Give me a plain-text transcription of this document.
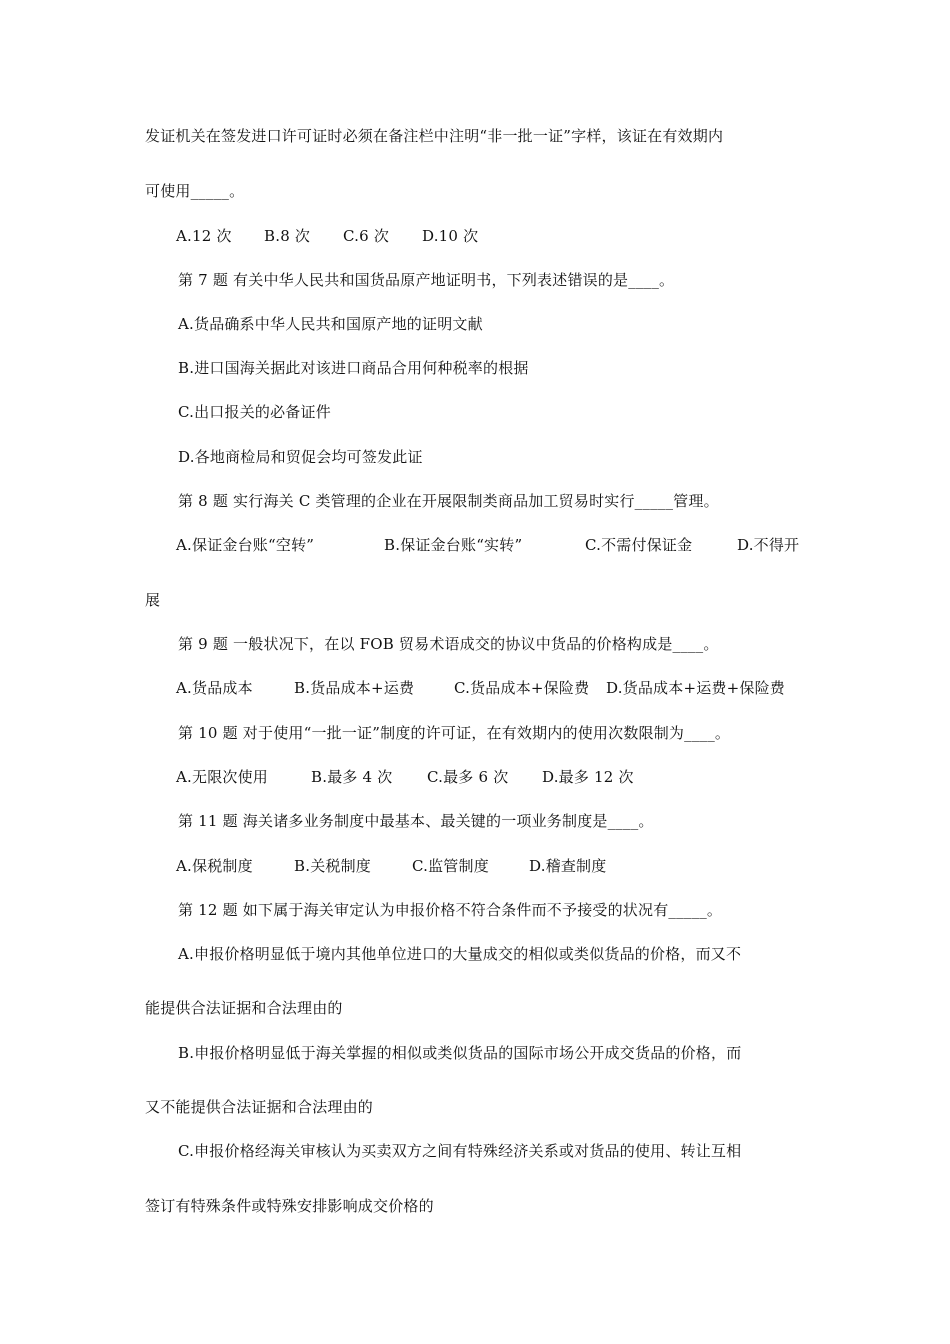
发证机关在签发进口许可证时必须在备注栏中注明“非一批一证”字样，该证在有效期内
可使用_____。
A.12 次 B.8 次 C.6 次 D.10 次
第 7 题 有关中华人民共和国货品原产地证明书，下列表述错误的是____。
A.货品确系中华人民共和国原产地的证明文献
B.进口国海关据此对该进口商品合用何种税率的根据
C.出口报关的必备证件
D.各地商检局和贸促会均可签发此证
第 8 题 实行海关 C 类管理的企业在开展限制类商品加工贸易时实行_____管理。
A.保证金台账“空转”	B.保证金台账“实转”	C.不需付保证金	D.不得开
展
第 9 题 一般状况下，在以 FOB 贸易术语成交的协议中货品的价格构成是____。
A.货品成本	B.货品成本+运费	C.货品成本+保险费 D.货品成本+运费+保险费
第 10 题 对于使用“一批一证”制度的许可证，在有效期内的使用次数限制为____。
A.无限次使用	B.最多 4 次 C.最多 6 次 D.最多 12 次
第 11 题 海关诸多业务制度中最基本、最关键的一项业务制度是____。
A.保税制度	B.关税制度	C.监管制度	D.稽查制度
第 12 题 如下属于海关审定认为申报价格不符合条件而不予接受的状况有_____。
A.申报价格明显低于境内其他单位进口的大量成交的相似或类似货品的价格，而又不
能提供合法证据和合法理由的
B.申报价格明显低于海关掌握的相似或类似货品的国际市场公开成交货品的价格，而
又不能提供合法证据和合法理由的
C.申报价格经海关审核认为买卖双方之间有特殊经济关系或对货品的使用、转让互相
签订有特殊条件或特殊安排影响成交价格的
